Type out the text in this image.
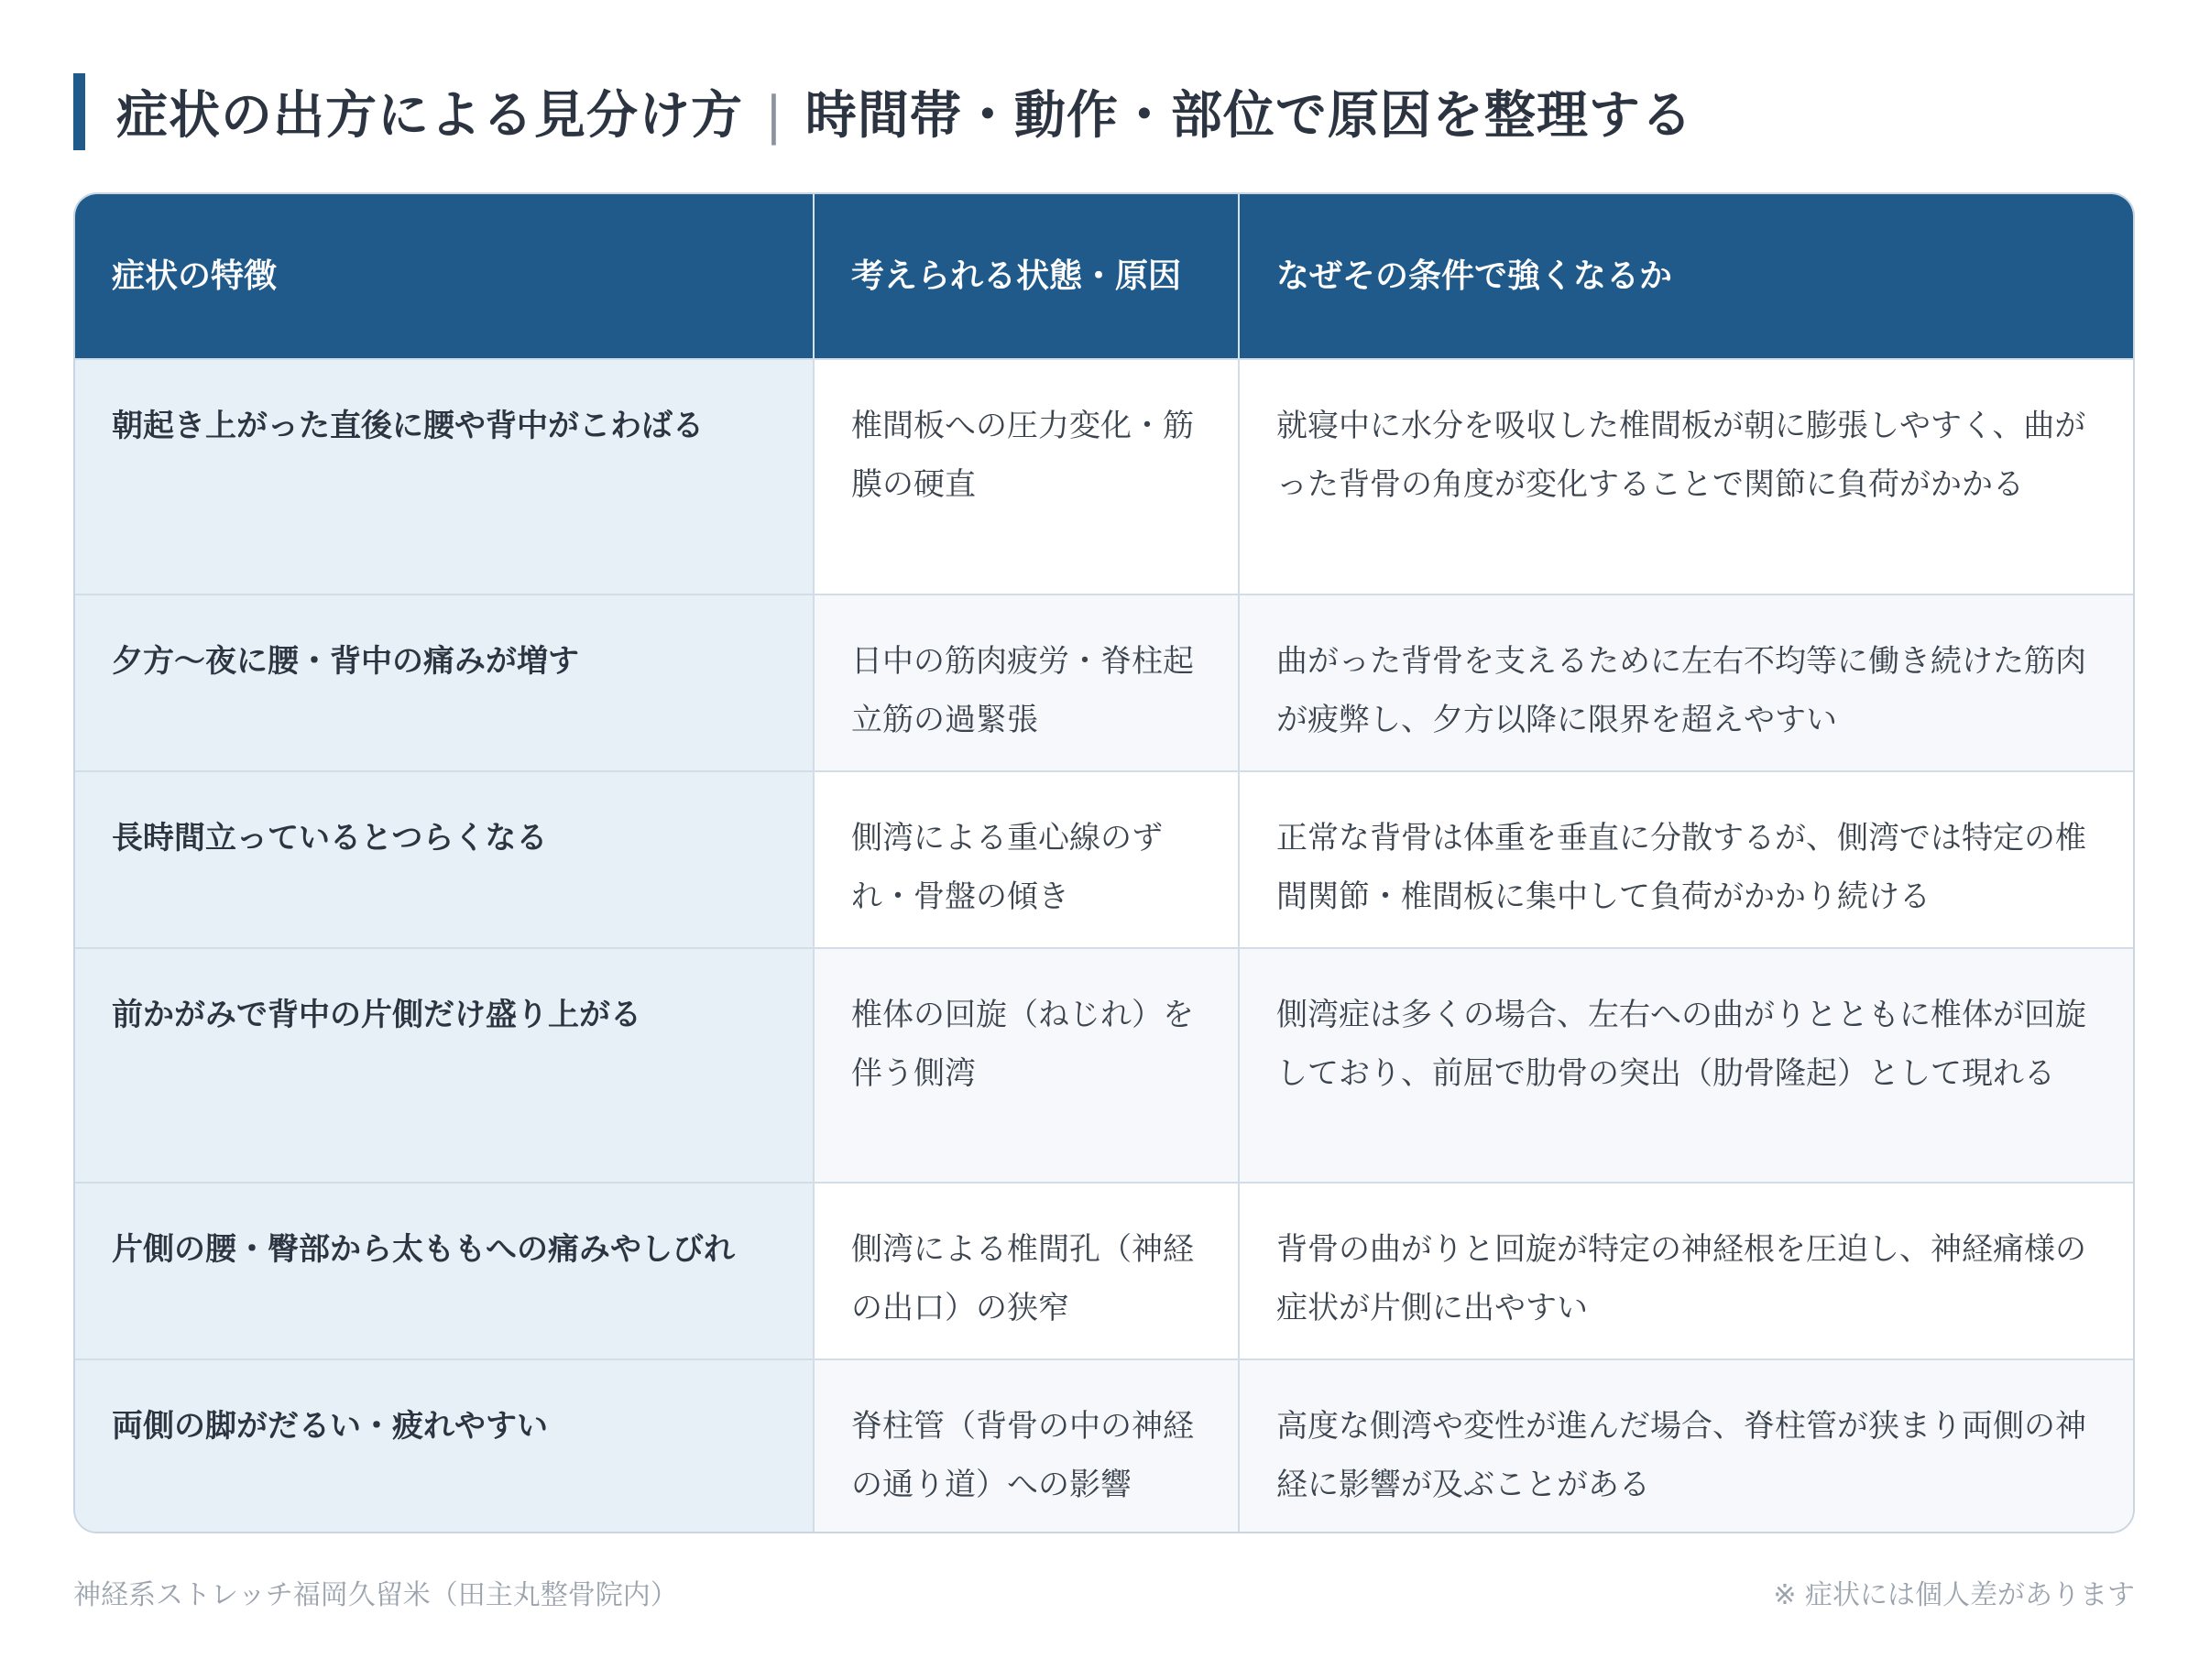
症状の出方による見分け方 | 時間帯・動作・部位で原因を整理する
症状の特徴	考えられる状態・原因	なぜその条件で強くなるか
朝起き上がった直後に腰や背中がこわばる	椎間板への圧力変化・筋膜の硬直	就寝中に水分を吸収した椎間板が朝に膨張しやすく、曲がった背骨の角度が変化することで関節に負荷がかかる
夕方〜夜に腰・背中の痛みが増す	日中の筋肉疲労・脊柱起立筋の過緊張	曲がった背骨を支えるために左右不均等に働き続けた筋肉が疲弊し、夕方以降に限界を超えやすい
長時間立っているとつらくなる	側湾による重心線のずれ・骨盤の傾き	正常な背骨は体重を垂直に分散するが、側湾では特定の椎間関節・椎間板に集中して負荷がかかり続ける
前かがみで背中の片側だけ盛り上がる	椎体の回旋（ねじれ）を伴う側湾	側湾症は多くの場合、左右への曲がりとともに椎体が回旋しており、前屈で肋骨の突出（肋骨隆起）として現れる
片側の腰・臀部から太ももへの痛みやしびれ	側湾による椎間孔（神経の出口）の狭窄	背骨の曲がりと回旋が特定の神経根を圧迫し、神経痛様の症状が片側に出やすい
両側の脚がだるい・疲れやすい	脊柱管（背骨の中の神経の通り道）への影響	高度な側湾や変性が進んだ場合、脊柱管が狭まり両側の神経に影響が及ぶことがある
神経系ストレッチ福岡久留米（田主丸整骨院内）	※ 症状には個人差があります
